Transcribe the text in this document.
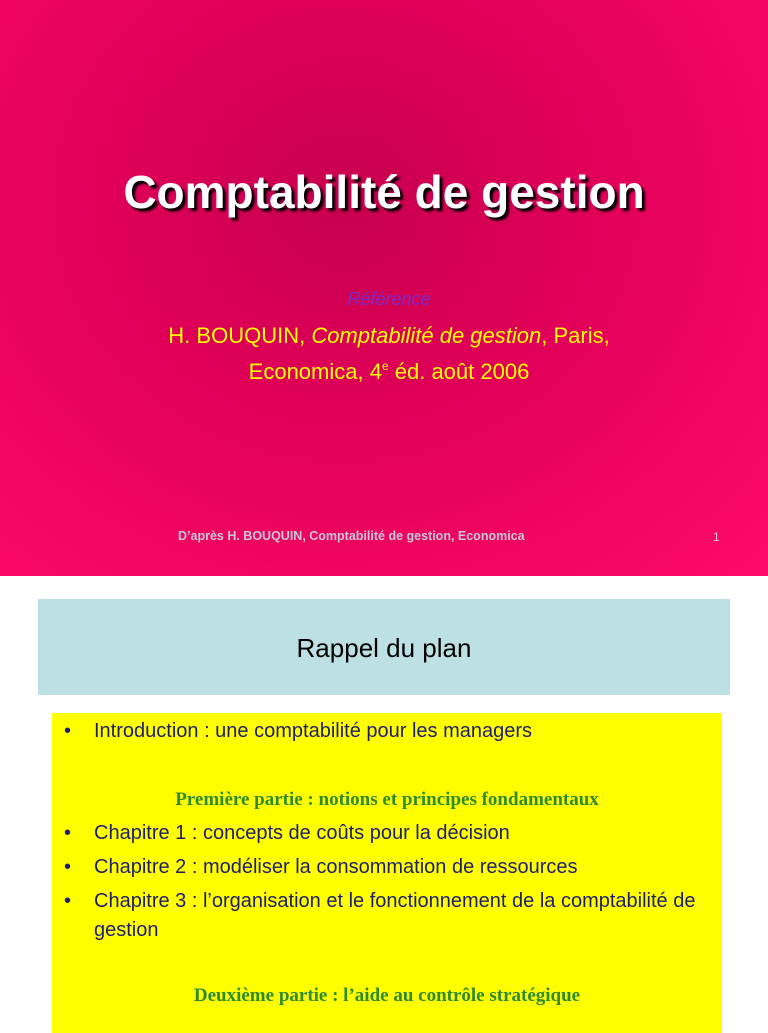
Comptabilité de gestion
Référence
H. BOUQUIN, Comptabilité de gestion, Paris,
Economica, 4e éd. août 2006
D’après H. BOUQUIN, Comptabilité de gestion, Economica	1
Rappel du plan
• Introduction : une comptabilité pour les managers
Première partie : notions et principes fondamentaux
• Chapitre 1 : concepts de coûts pour la décision
• Chapitre 2 : modéliser la consommation de ressources
• Chapitre 3 : l’organisation et le fonctionnement de la comptabilité de gestion
Deuxième partie : l’aide au contrôle stratégique
